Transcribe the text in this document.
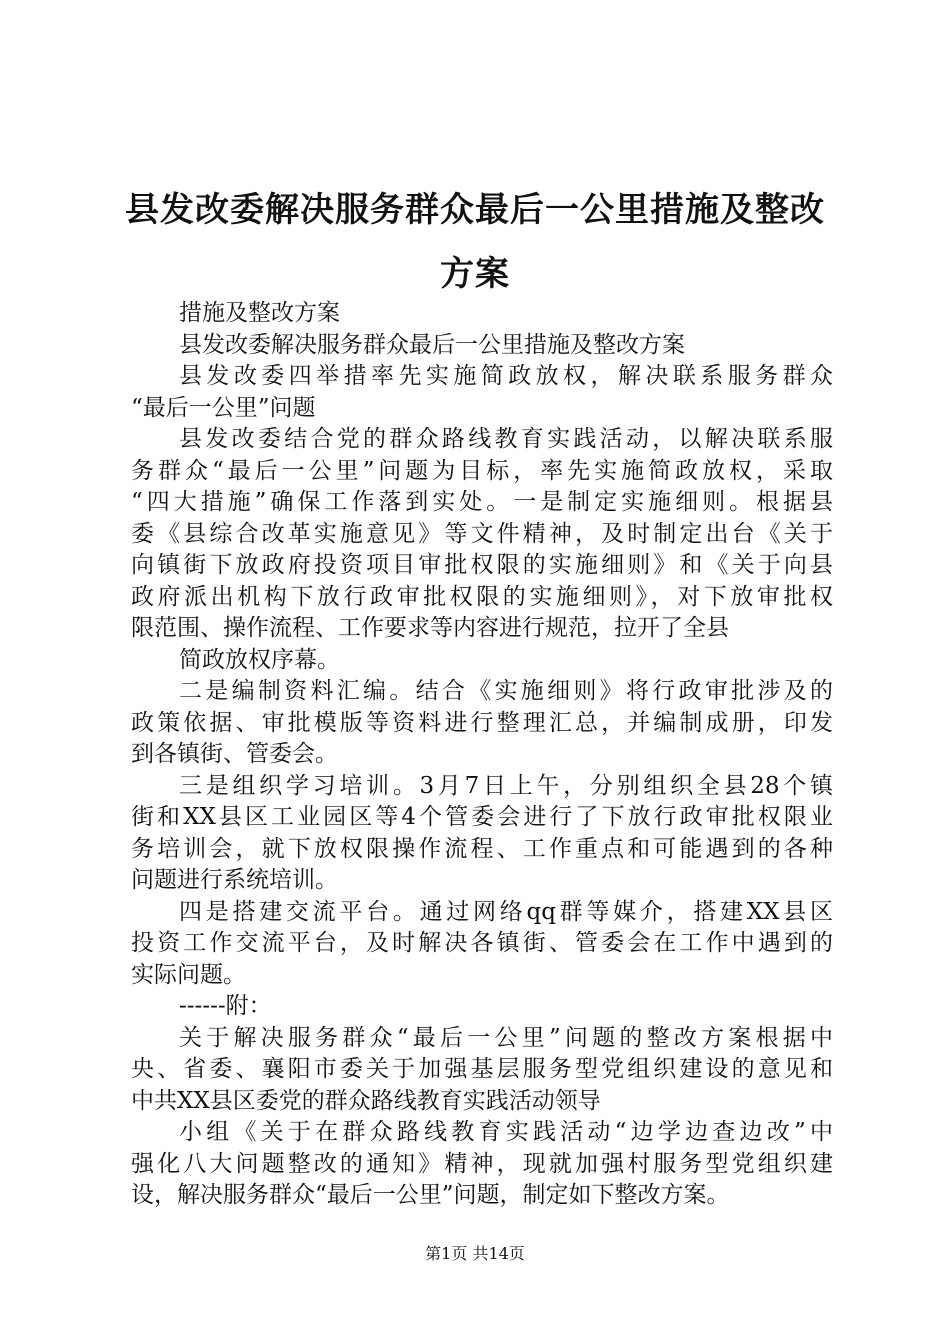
县发改委解决服务群众最后一公里措施及整改
方案
措施及整改方案
县发改委解决服务群众最后一公里措施及整改方案
县发改委四举措率先实施简政放权，解决联系服务群众
“最后一公里”问题
县发改委结合党的群众路线教育实践活动，以解决联系服
务群众“最后一公里”问题为目标，率先实施简政放权，采取
“四大措施”确保工作落到实处。一是制定实施细则。根据县
委《县综合改革实施意见》等文件精神，及时制定出台《关于
向镇街下放政府投资项目审批权限的实施细则》和《关于向县
政府派出机构下放行政审批权限的实施细则》，对下放审批权
限范围、操作流程、工作要求等内容进行规范，拉开了全县
简政放权序幕。
二是编制资料汇编。结合《实施细则》将行政审批涉及的
政策依据、审批模版等资料进行整理汇总，并编制成册，印发
到各镇街、管委会。
三是组织学习培训。3月7日上午，分别组织全县28个镇
街和XX县区工业园区等4个管委会进行了下放行政审批权限业
务培训会，就下放权限操作流程、工作重点和可能遇到的各种
问题进行系统培训。
四是搭建交流平台。通过网络qq群等媒介，搭建XX县区
投资工作交流平台，及时解决各镇街、管委会在工作中遇到的
实际问题。
------附：
关于解决服务群众“最后一公里”问题的整改方案根据中
央、省委、襄阳市委关于加强基层服务型党组织建设的意见和
中共XX县区委党的群众路线教育实践活动领导
小组《关于在群众路线教育实践活动“边学边查边改”中
强化八大问题整改的通知》精神，现就加强村服务型党组织建
设，解决服务群众“最后一公里”问题，制定如下整改方案。
第1页 共14页
